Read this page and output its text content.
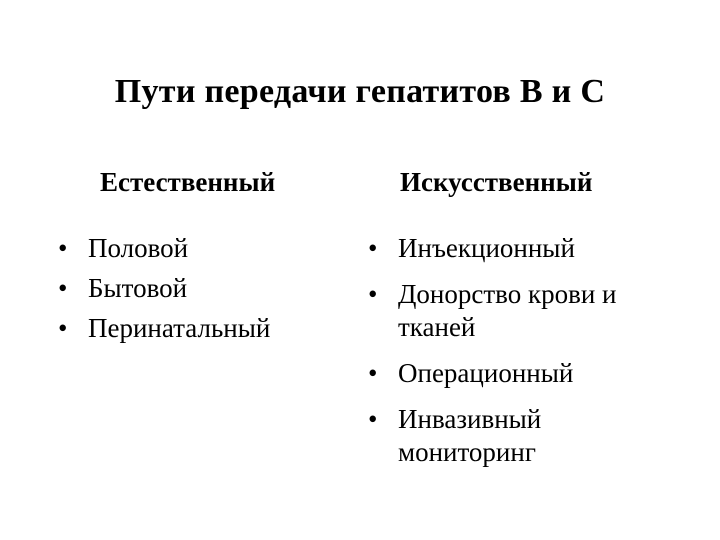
Пути передачи гепатитов В и С
Естественный	Искусственный
• Половой
• Бытовой
• Перинатальный
• Инъекционный
• Донорство крови и тканей
• Операционный
• Инвазивный мониторинг
